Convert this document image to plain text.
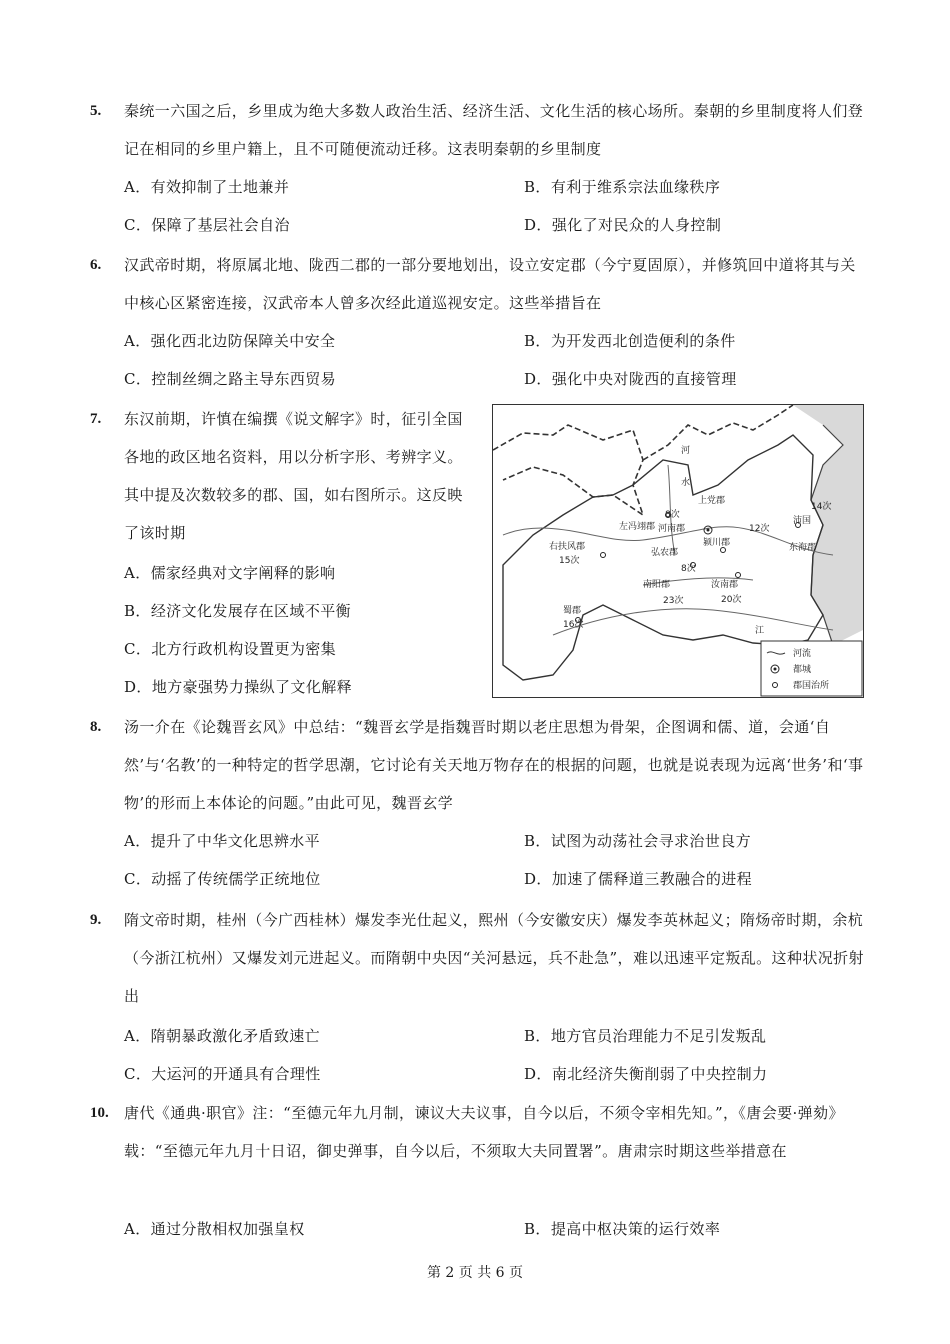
5. 秦统一六国之后，乡里成为绝大多数人政治生活、经济生活、文化生活的核心场所。秦朝的乡里制度将人们登记在相同的乡里户籍上，且不可随便流动迁移。这表明秦朝的乡里制度
A．有效抑制了土地兼并	B．有利于维系宗法血缘秩序
C．保障了基层社会自治	D．强化了对民众的人身控制
6. 汉武帝时期，将原属北地、陇西二郡的一部分要地划出，设立安定郡（今宁夏固原），并修筑回中道将其与关中核心区紧密连接，汉武帝本人曾多次经此道巡视安定。这些举措旨在
A．强化西北边防保障关中安全	B．为开发西北创造便利的条件
C．控制丝绸之路主导东西贸易	D．强化中央对陇西的直接管理
7. 东汉前期，许慎在编撰《说文解字》时，征引全国各地的政区地名资料，用以分析字形、考辨字义。其中提及次数较多的郡、国，如右图所示。这反映了该时期
A．儒家经典对文字阐释的影响
B．经济文化发展存在区域不平衡
C．北方行政机构设置更为密集
D．地方豪强势力操纵了文化解释
上党郡
14次
8次
左冯翊郡 河南郡
右扶风郡
15次
弘农郡
颍川郡
12次
8次
南阳郡
23次
汝南郡
20次
沛国
东海郡
蜀郡
16次
河
水
江
河流
都城
郡国治所
8. 汤一介在《论魏晋玄风》中总结：“魏晋玄学是指魏晋时期以老庄思想为骨架，企图调和儒、道，会通‘自然’与‘名教’的一种特定的哲学思潮，它讨论有关天地万物存在的根据的问题，也就是说表现为远离‘世务’和‘事物’的形而上本体论的问题。”由此可见，魏晋玄学
A．提升了中华文化思辨水平	B．试图为动荡社会寻求治世良方
C．动摇了传统儒学正统地位	D．加速了儒释道三教融合的进程
9. 隋文帝时期，桂州（今广西桂林）爆发李光仕起义，熙州（今安徽安庆）爆发李英林起义；隋炀帝时期，余杭（今浙江杭州）又爆发刘元进起义。而隋朝中央因“关河悬远，兵不赴急”，难以迅速平定叛乱。这种状况折射出
A．隋朝暴政激化矛盾致速亡	B．地方官员治理能力不足引发叛乱
C．大运河的开通具有合理性	D．南北经济失衡削弱了中央控制力
10. 唐代《通典·职官》注：“至德元年九月制，谏议大夫议事，自今以后，不须令宰相先知。”，《唐会要·弹劾》载：“至德元年九月十日诏，御史弹事，自今以后，不须取大夫同置署”。唐肃宗时期这些举措意在
A．通过分散相权加强皇权	B．提高中枢决策的运行效率
第 2 页 共 6 页
